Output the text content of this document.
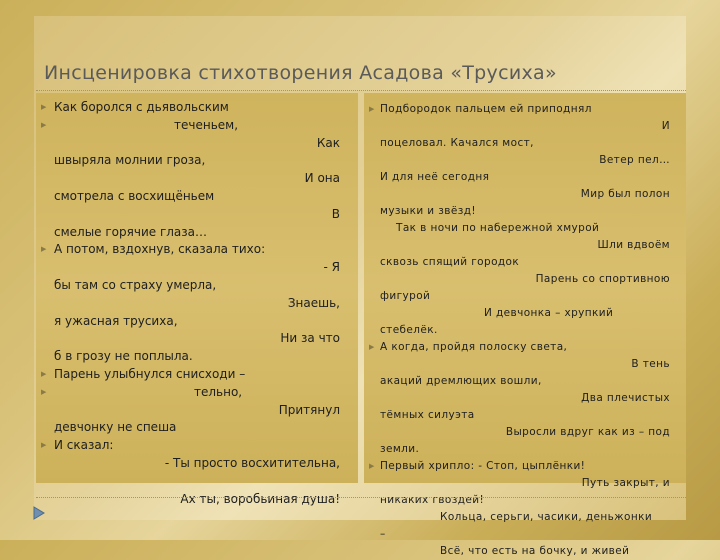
Инсценировка стихотворения Асадова «Трусиха»
▶ Как боролся с дьявольским
▶	теченьем,
Как
швыряла молнии гроза,
И она
смотрела с восхищёньем
В
смелые горячие глаза…
▶ А потом, вздохнув, сказала тихо:
- Я
бы там со страху умерла,
Знаешь,
я ужасная трусиха,
Ни за что
б в грозу не поплыла.
▶ Парень улыбнулся снисходи –
▶	тельно,
Притянул
девчонку не спеша
▶ И сказал:
- Ты просто восхитительна,

Ах ты, воробьиная душа!
▶ Подбородок пальцем ей приподнял
И
поцеловал. Качался мост,
Ветер пел…
И для неё сегодня
Мир был полон
музыки и звёзд!
Так в ночи по набережной хмурой
Шли вдвоём
сквозь спящий городок
Парень со спортивною
фигурой
И девчонка – хрупкий
стебелёк.
▶ А когда, пройдя полоску света,
В тень
акаций дремлющих вошли,
Два плечистых
тёмных силуэта
Выросли вдруг как из – под
земли.
▶ Первый хрипло: - Стоп, цыплёнки!
Путь закрыт, и
никаких гвоздей!
Кольца, серьги, часики, деньжонки
–
Всё, что есть на бочку, и живей
